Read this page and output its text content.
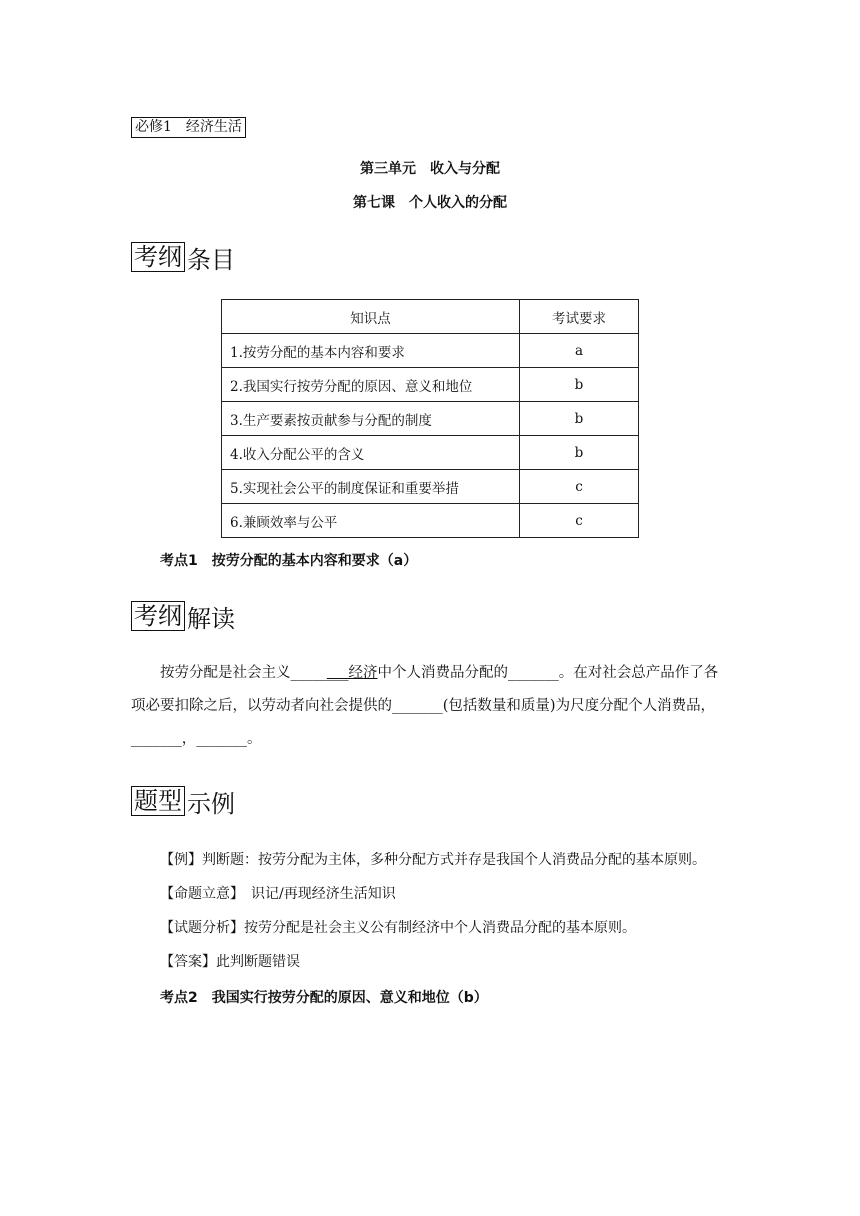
必修1　经济生活
第三单元　收入与分配
第七课　个人收入的分配
考纲 条目
知识点	考试要求
1.按劳分配的基本内容和要求	a
2.我国实行按劳分配的原因、意义和地位	b
3.生产要素按贡献参与分配的制度	b
4.收入分配公平的含义	b
5.实现社会公平的制度保证和重要举措	c
6.兼顾效率与公平	c
考点1　按劳分配的基本内容和要求（a）
考纲 解读
按劳分配是社会主义________经济中个人消费品分配的_______。在对社会总产品作了各项必要扣除之后，以劳动者向社会提供的_______(包括数量和质量)为尺度分配个人消费品，_______，_______。
题型 示例
【例】判断题：按劳分配为主体，多种分配方式并存是我国个人消费品分配的基本原则。
【命题立意】　识记/再现经济生活知识
【试题分析】按劳分配是社会主义公有制经济中个人消费品分配的基本原则。
【答案】此判断题错误
考点2　我国实行按劳分配的原因、意义和地位（b）
